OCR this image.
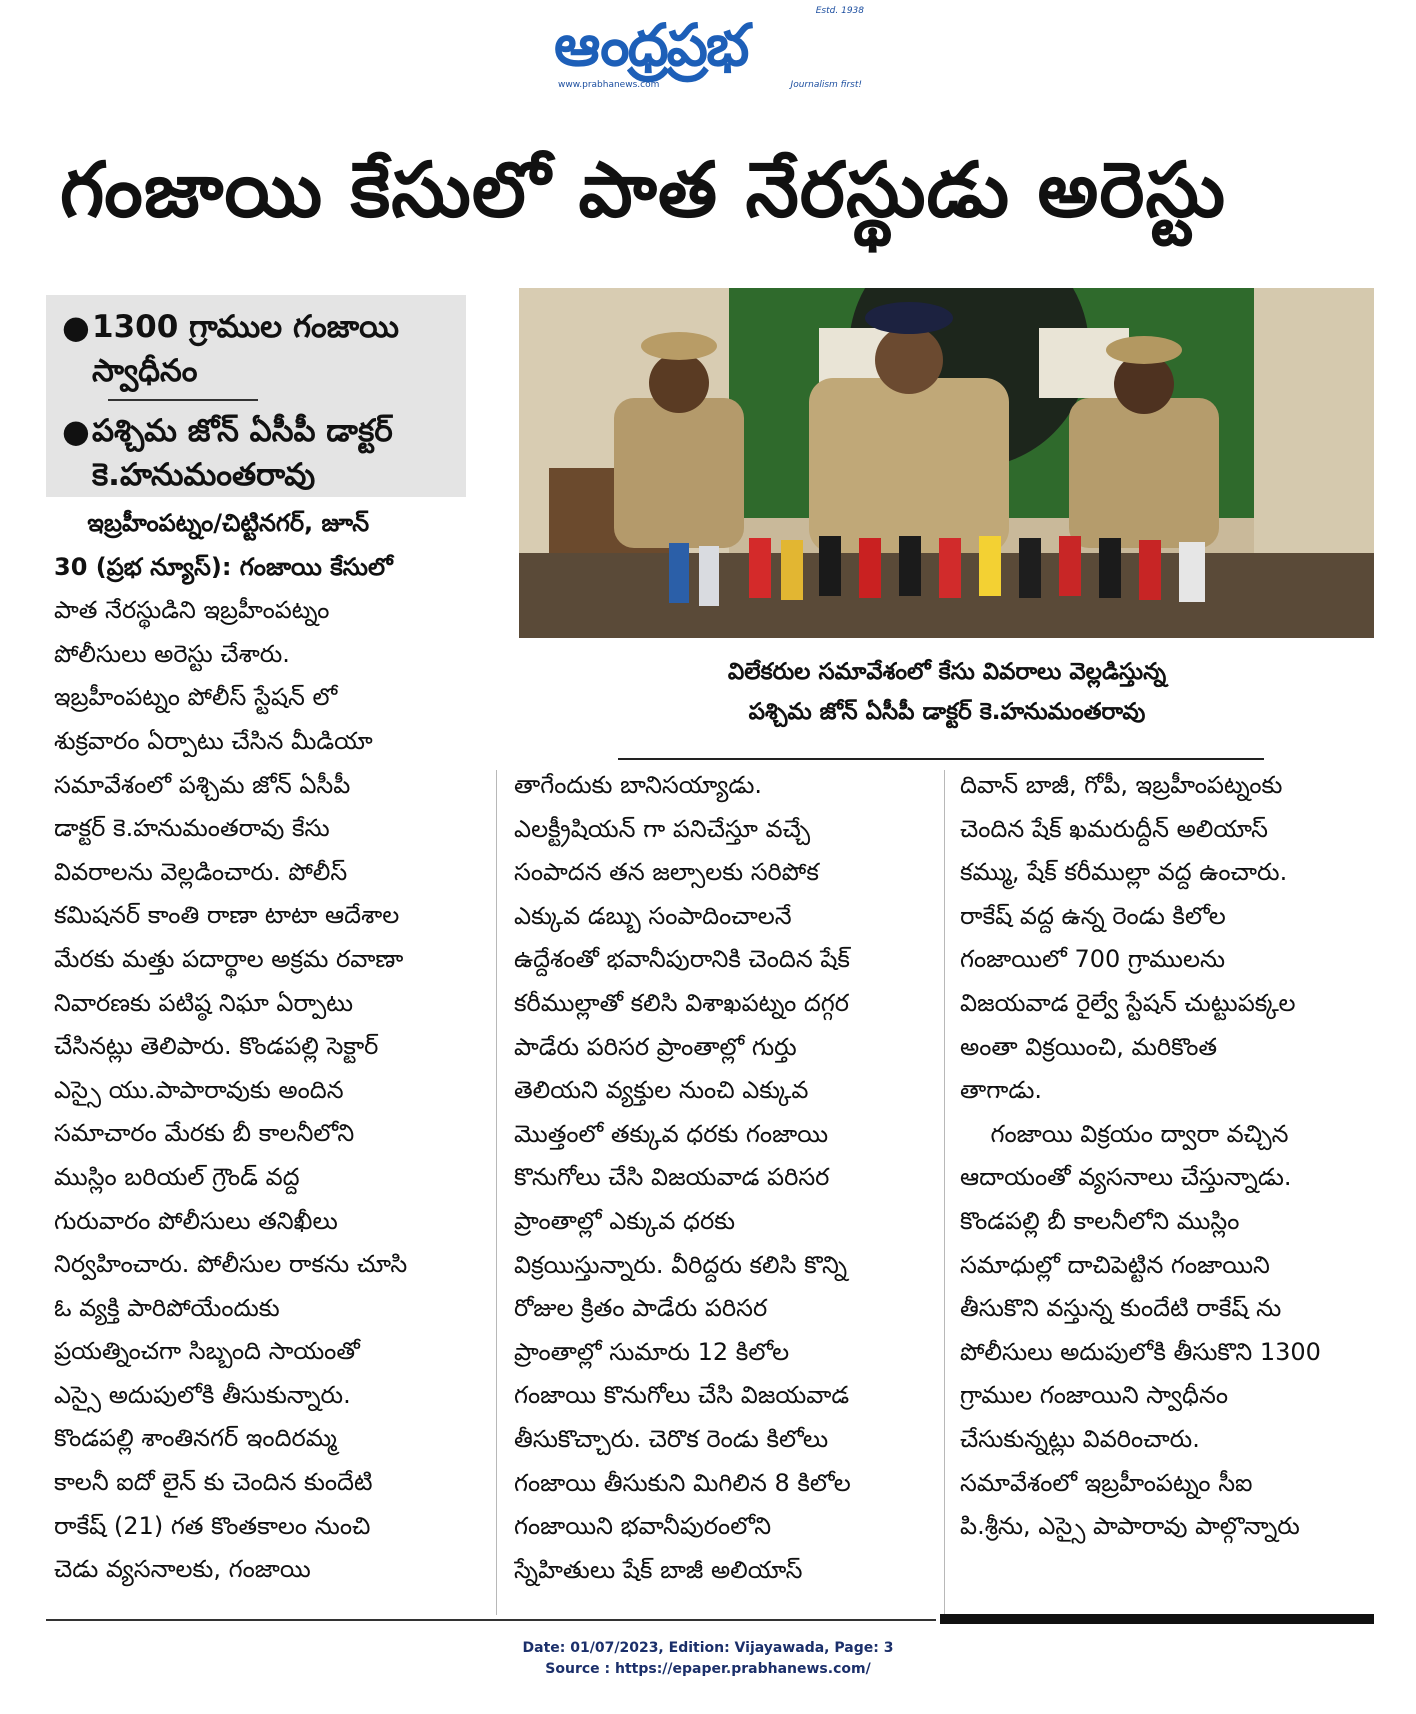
Estd. 1938
ఆంధ్రప్రభ
www.prabhanews.com	Journalism first!
గంజాయి కేసులో పాత నేరస్థుడు అరెస్టు
● 1300 గ్రాముల గంజాయి స్వాధీనం
● పశ్చిమ జోన్ ఏసీపీ డాక్టర్ కె.హనుమంతరావు
విలేకరుల సమావేశంలో కేసు వివరాలు వెల్లడిస్తున్న
పశ్చిమ జోన్ ఏసీపీ డాక్టర్ కె.హనుమంతరావు
ఇబ్రహీంపట్నం/చిట్టినగర్, జూన్
30 (ప్రభ న్యూస్): గంజాయి కేసులో
పాత నేరస్థుడిని ఇబ్రహీంపట్నం
పోలీసులు అరెస్టు చేశారు.
ఇబ్రహీంపట్నం పోలీస్ స్టేషన్ లో
శుక్రవారం ఏర్పాటు చేసిన మీడియా
సమావేశంలో పశ్చిమ జోన్ ఏసీపీ
డాక్టర్ కె.హనుమంతరావు కేసు
వివరాలను వెల్లడించారు. పోలీస్
కమిషనర్ కాంతి రాణా టాటా ఆదేశాల
మేరకు మత్తు పదార్థాల అక్రమ రవాణా
నివారణకు పటిష్ఠ నిఘా ఏర్పాటు
చేసినట్లు తెలిపారు. కొండపల్లి సెక్టార్
ఎస్సై యు.పాపారావుకు అందిన
సమాచారం మేరకు బీ కాలనీలోని
ముస్లిం బరియల్ గ్రౌండ్ వద్ద
గురువారం పోలీసులు తనిఖీలు
నిర్వహించారు. పోలీసుల రాకను చూసి
ఓ వ్యక్తి పారిపోయేందుకు
ప్రయత్నించగా సిబ్బంది సాయంతో
ఎస్సై అదుపులోకి తీసుకున్నారు.
కొండపల్లి శాంతినగర్ ఇందిరమ్మ
కాలనీ ఐదో లైన్ కు చెందిన కుందేటి
రాకేష్ (21) గత కొంతకాలం నుంచి
చెడు వ్యసనాలకు, గంజాయి
తాగేందుకు బానిసయ్యాడు.
ఎలక్ట్రీషియన్ గా పనిచేస్తూ వచ్చే
సంపాదన తన జల్సాలకు సరిపోక
ఎక్కువ డబ్బు సంపాదించాలనే
ఉద్దేశంతో భవానీపురానికి చెందిన షేక్
కరీముల్లాతో కలిసి విశాఖపట్నం దగ్గర
పాడేరు పరిసర ప్రాంతాల్లో గుర్తు
తెలియని వ్యక్తుల నుంచి ఎక్కువ
మొత్తంలో తక్కువ ధరకు గంజాయి
కొనుగోలు చేసి విజయవాడ పరిసర
ప్రాంతాల్లో ఎక్కువ ధరకు
విక్రయిస్తున్నారు. వీరిద్దరు కలిసి కొన్ని
రోజుల క్రితం పాడేరు పరిసర
ప్రాంతాల్లో సుమారు 12 కిలోల
గంజాయి కొనుగోలు చేసి విజయవాడ
తీసుకొచ్చారు. చెరొక రెండు కిలోలు
గంజాయి తీసుకుని మిగిలిన 8 కిలోల
గంజాయిని భవానీపురంలోని
స్నేహితులు షేక్ బాజీ అలియాస్
దివాన్ బాజీ, గోపీ, ఇబ్రహీంపట్నంకు
చెందిన షేక్ ఖమరుద్దీన్ అలియాస్
కమ్ము, షేక్ కరీముల్లా వద్ద ఉంచారు.
రాకేష్ వద్ద ఉన్న రెండు కిలోల
గంజాయిలో 700 గ్రాములను
విజయవాడ రైల్వే స్టేషన్ చుట్టుపక్కల
అంతా విక్రయించి, మరికొంత
తాగాడు.
గంజాయి విక్రయం ద్వారా వచ్చిన
ఆదాయంతో వ్యసనాలు చేస్తున్నాడు.
కొండపల్లి బీ కాలనీలోని ముస్లిం
సమాధుల్లో దాచిపెట్టిన గంజాయిని
తీసుకొని వస్తున్న కుందేటి రాకేష్ ను
పోలీసులు అదుపులోకి తీసుకొని 1300
గ్రాముల గంజాయిని స్వాధీనం
చేసుకున్నట్లు వివరించారు.
సమావేశంలో ఇబ్రహీంపట్నం సీఐ
పి.శ్రీను, ఎస్సై పాపారావు పాల్గొన్నారు
Date: 01/07/2023, Edition: Vijayawada, Page: 3
Source : https://epaper.prabhanews.com/
